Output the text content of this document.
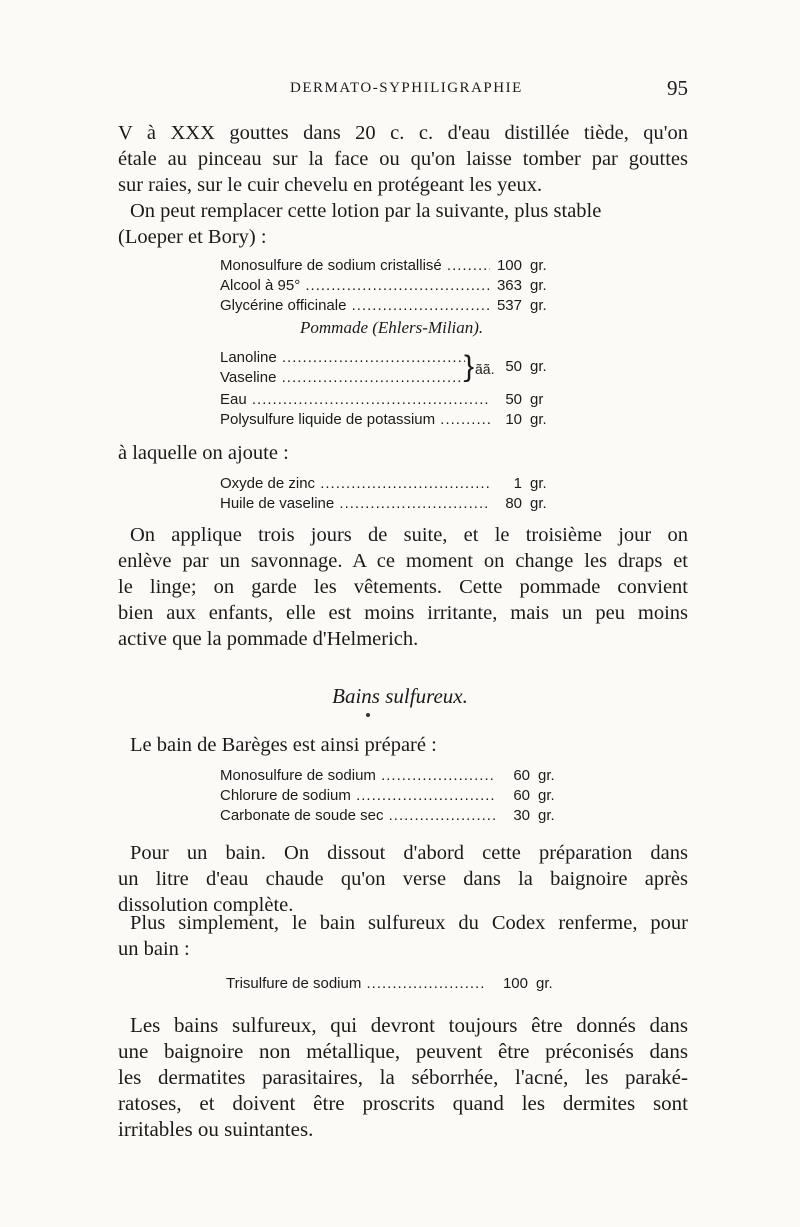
DERMATO-SYPHILIGRAPHIE	95

V à XXX gouttes dans 20 c. c. d'eau distillée tiède, qu'on
étale au pinceau sur la face ou qu'on laisse tomber par gouttes
sur raies, sur le cuir chevelu en protégeant les yeux.
On peut remplacer cette lotion par la suivante, plus stable
(Loeper et Bory) :

Monosulfure de sodium cristallisé .....	100 gr.
Alcool à 95° .....	363 gr.
Glycérine officinale .....	537 gr.
Pommade (Ehlers-Milian).
Lanoline .....
Vaseline .....	} ãã. 50 gr.
Eau .....	50 gr
Polysulfure liquide de potassium .....	10 gr.

à laquelle on ajoute :

Oxyde de zinc .....	1 gr.
Huile de vaseline .....	80 gr.

On applique trois jours de suite, et le troisième jour on
enlève par un savonnage. A ce moment on change les draps et
le linge; on garde les vêtements. Cette pommade convient
bien aux enfants, elle est moins irritante, mais un peu moins
active que la pommade d'Helmerich.

Bains sulfureux.

Le bain de Barèges est ainsi préparé :

Monosulfure de sodium .....	60 gr.
Chlorure de sodium .....	60 gr.
Carbonate de soude sec .....	30 gr.

Pour un bain. On dissout d'abord cette préparation dans
un litre d'eau chaude qu'on verse dans la baignoire après
dissolution complète.

Plus simplement, le bain sulfureux du Codex renferme, pour
un bain :

Trisulfure de sodium .....	100 gr.

Les bains sulfureux, qui devront toujours être donnés dans
une baignoire non métallique, peuvent être préconisés dans
les dermatites parasitaires, la séborrhée, l'acné, les paraké-
ratoses, et doivent être proscrits quand les dermites sont
irritables ou suintantes.
